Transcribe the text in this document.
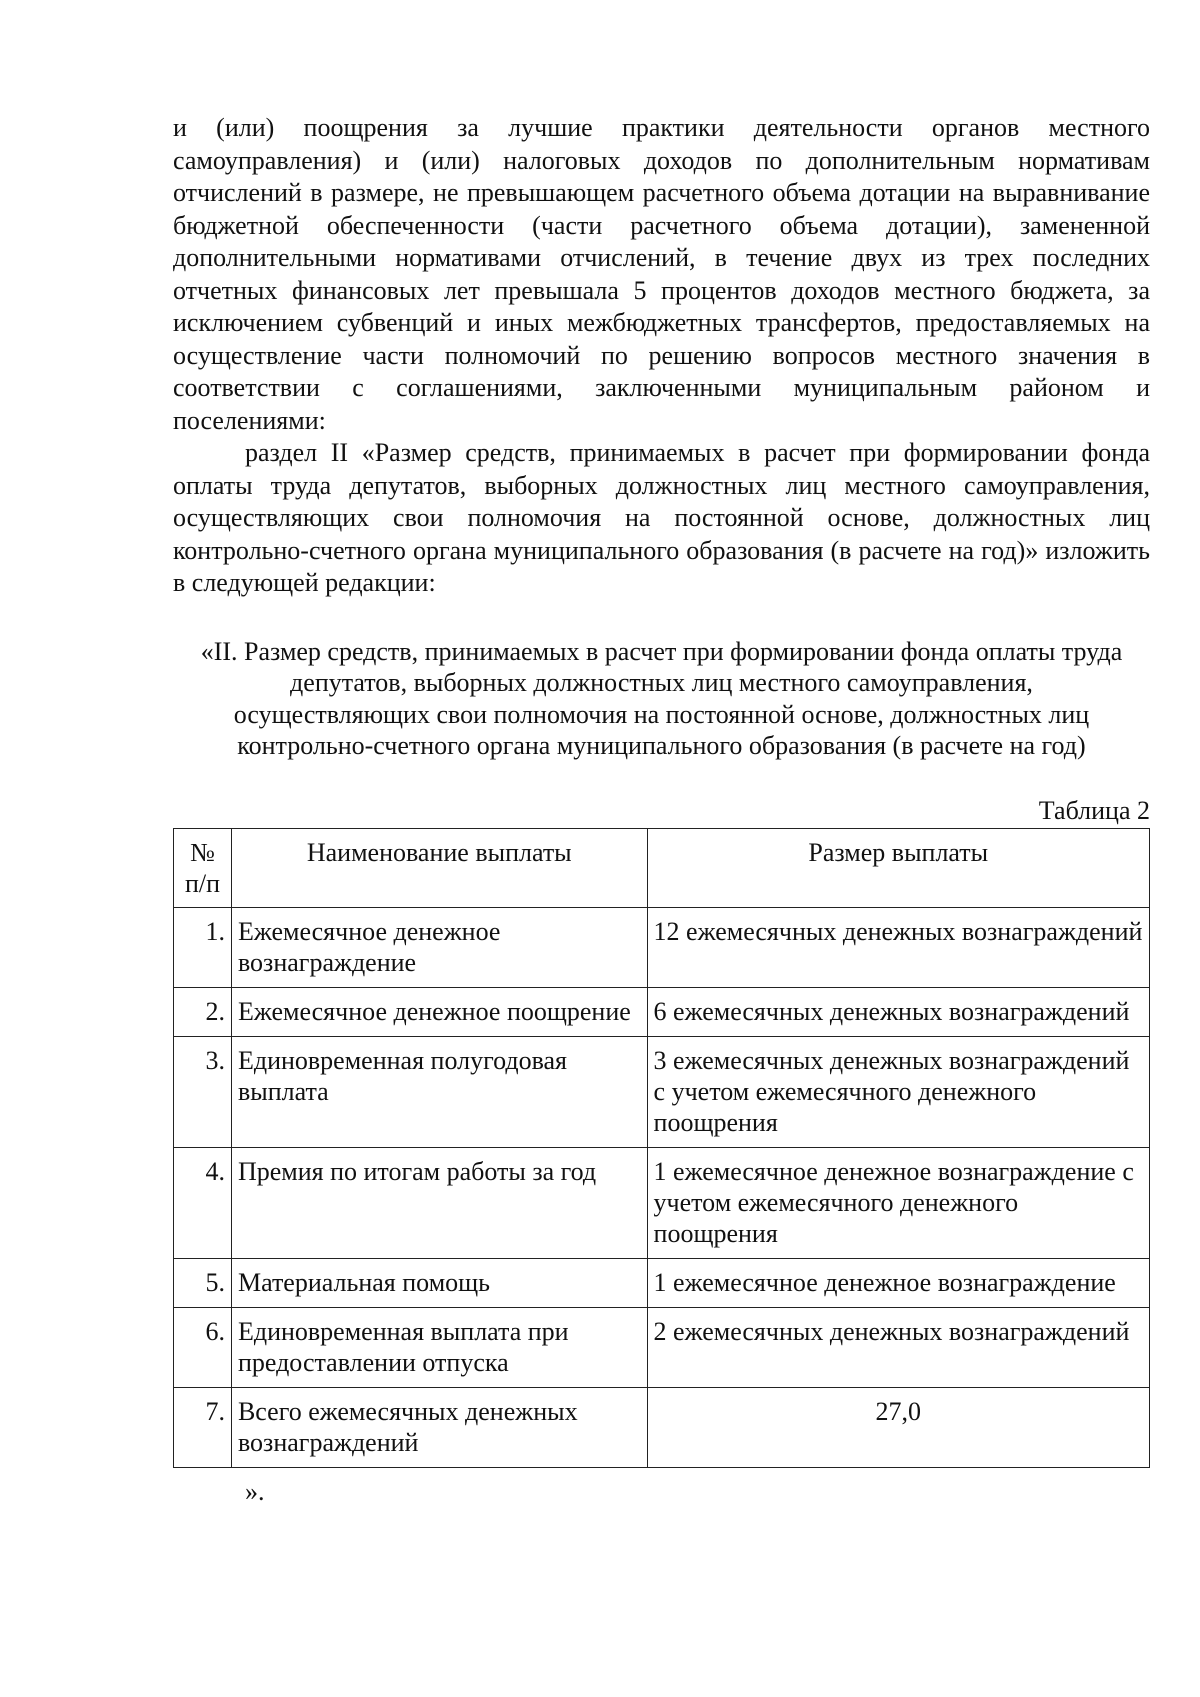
и (или) поощрения за лучшие практики деятельности органов местного самоуправления) и (или) налоговых доходов по дополнительным нормативам отчислений в размере, не превышающем расчетного объема дотации на выравнивание бюджетной обеспеченности (части расчетного объема дотации), замененной дополнительными нормативами отчислений, в течение двух из трех последних отчетных финансовых лет превышала 5 процентов доходов местного бюджета, за исключением субвенций и иных межбюджетных трансфертов, предоставляемых на осуществление части полномочий по решению вопросов местного значения в соответствии с соглашениями, заключенными муниципальным районом и поселениями:

раздел II «Размер средств, принимаемых в расчет при формировании фонда оплаты труда депутатов, выборных должностных лиц местного самоуправления, осуществляющих свои полномочия на постоянной основе, должностных лиц контрольно-счетного органа муниципального образования (в расчете на год)» изложить в следующей редакции:

«II. Размер средств, принимаемых в расчет при формировании фонда оплаты труда депутатов, выборных должностных лиц местного самоуправления, осуществляющих свои полномочия на постоянной основе, должностных лиц контрольно-счетного органа муниципального образования (в расчете на год)

Таблица 2
№ п/п	Наименование выплаты	Размер выплаты
1.	Ежемесячное денежное вознаграждение	12 ежемесячных денежных вознаграждений
2.	Ежемесячное денежное поощрение	6 ежемесячных денежных вознаграждений
3.	Единовременная полугодовая выплата	3 ежемесячных денежных вознаграждений с учетом ежемесячного денежного поощрения
4.	Премия по итогам работы за год	1 ежемесячное денежное вознаграждение с учетом ежемесячного денежного поощрения
5.	Материальная помощь	1 ежемесячное денежное вознаграждение
6.	Единовременная выплата при предоставлении отпуска	2 ежемесячных денежных вознаграждений
7.	Всего ежемесячных денежных вознаграждений	27,0
».
